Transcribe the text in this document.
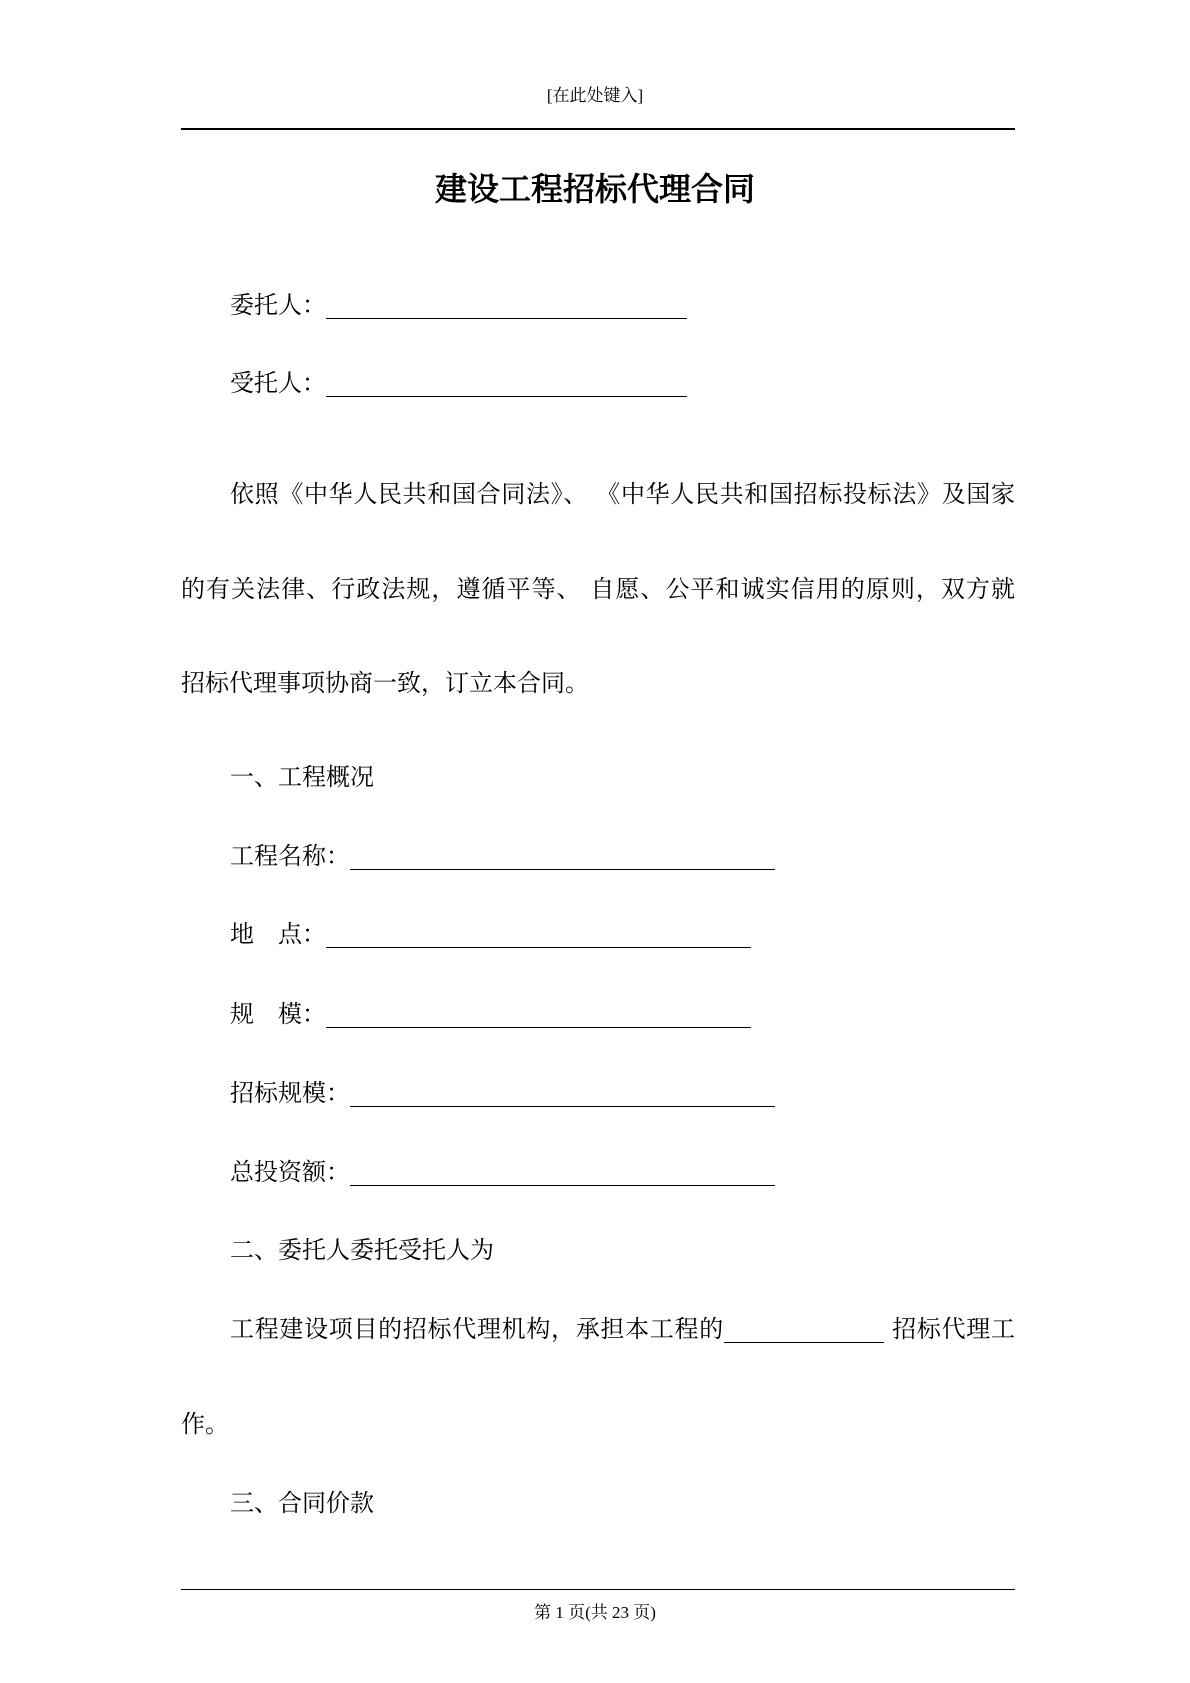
[在此处键入]
建设工程招标代理合同
委托人：
受托人：
依照《中华人民共和国合同法》、 《中华人民共和国招标投标法》及国家
的有关法律、行政法规，遵循平等、 自愿、公平和诚实信用的原则，双方就
招标代理事项协商一致，订立本合同。
一、工程概况
工程名称：
地　点：
规　模：
招标规模：
总投资额：
二、委托人委托受托人为
工程建设项目的招标代理机构，承担本工程的	招标代理工
作。
三、合同价款
第 1 页(共 23 页)
